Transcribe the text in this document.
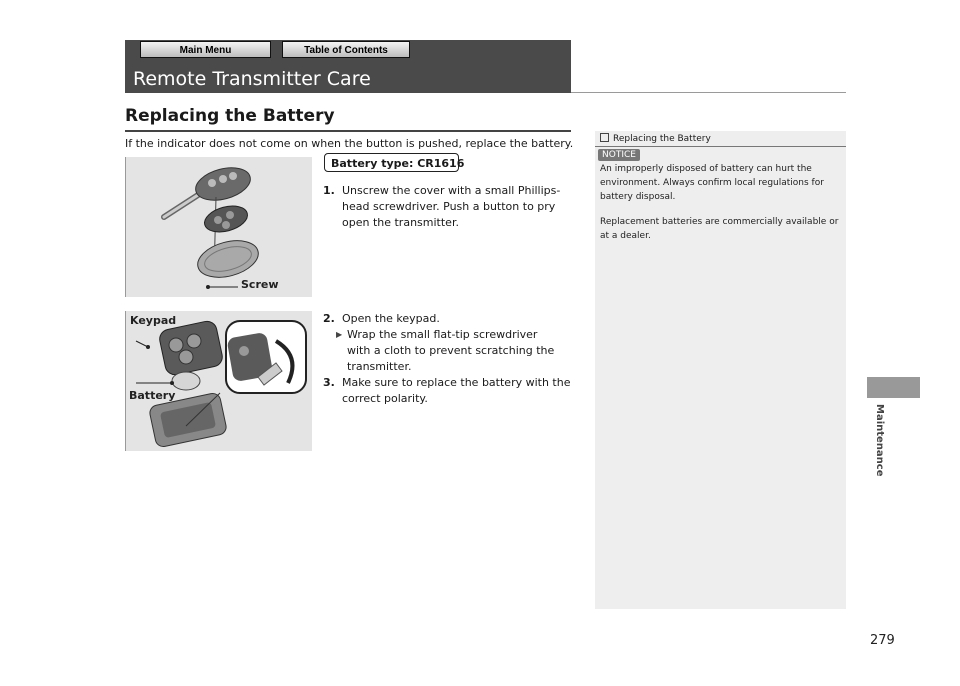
Main Menu	Table of Contents
Remote Transmitter Care
Replacing the Battery
If the indicator does not come on when the button is pushed, replace the battery.
Screw
Battery type: CR1616
1. Unscrew the cover with a small Phillips-
head screwdriver. Push a button to pry
open the transmitter.
Keypad
Battery
2. Open the keypad.
▶ Wrap the small flat-tip screwdriver
with a cloth to prevent scratching the
transmitter.
3. Make sure to replace the battery with the
correct polarity.
Replacing the Battery
NOTICE
An improperly disposed of battery can hurt the
environment. Always confirm local regulations for
battery disposal.
Replacement batteries are commercially available or
at a dealer.
Maintenance
279
